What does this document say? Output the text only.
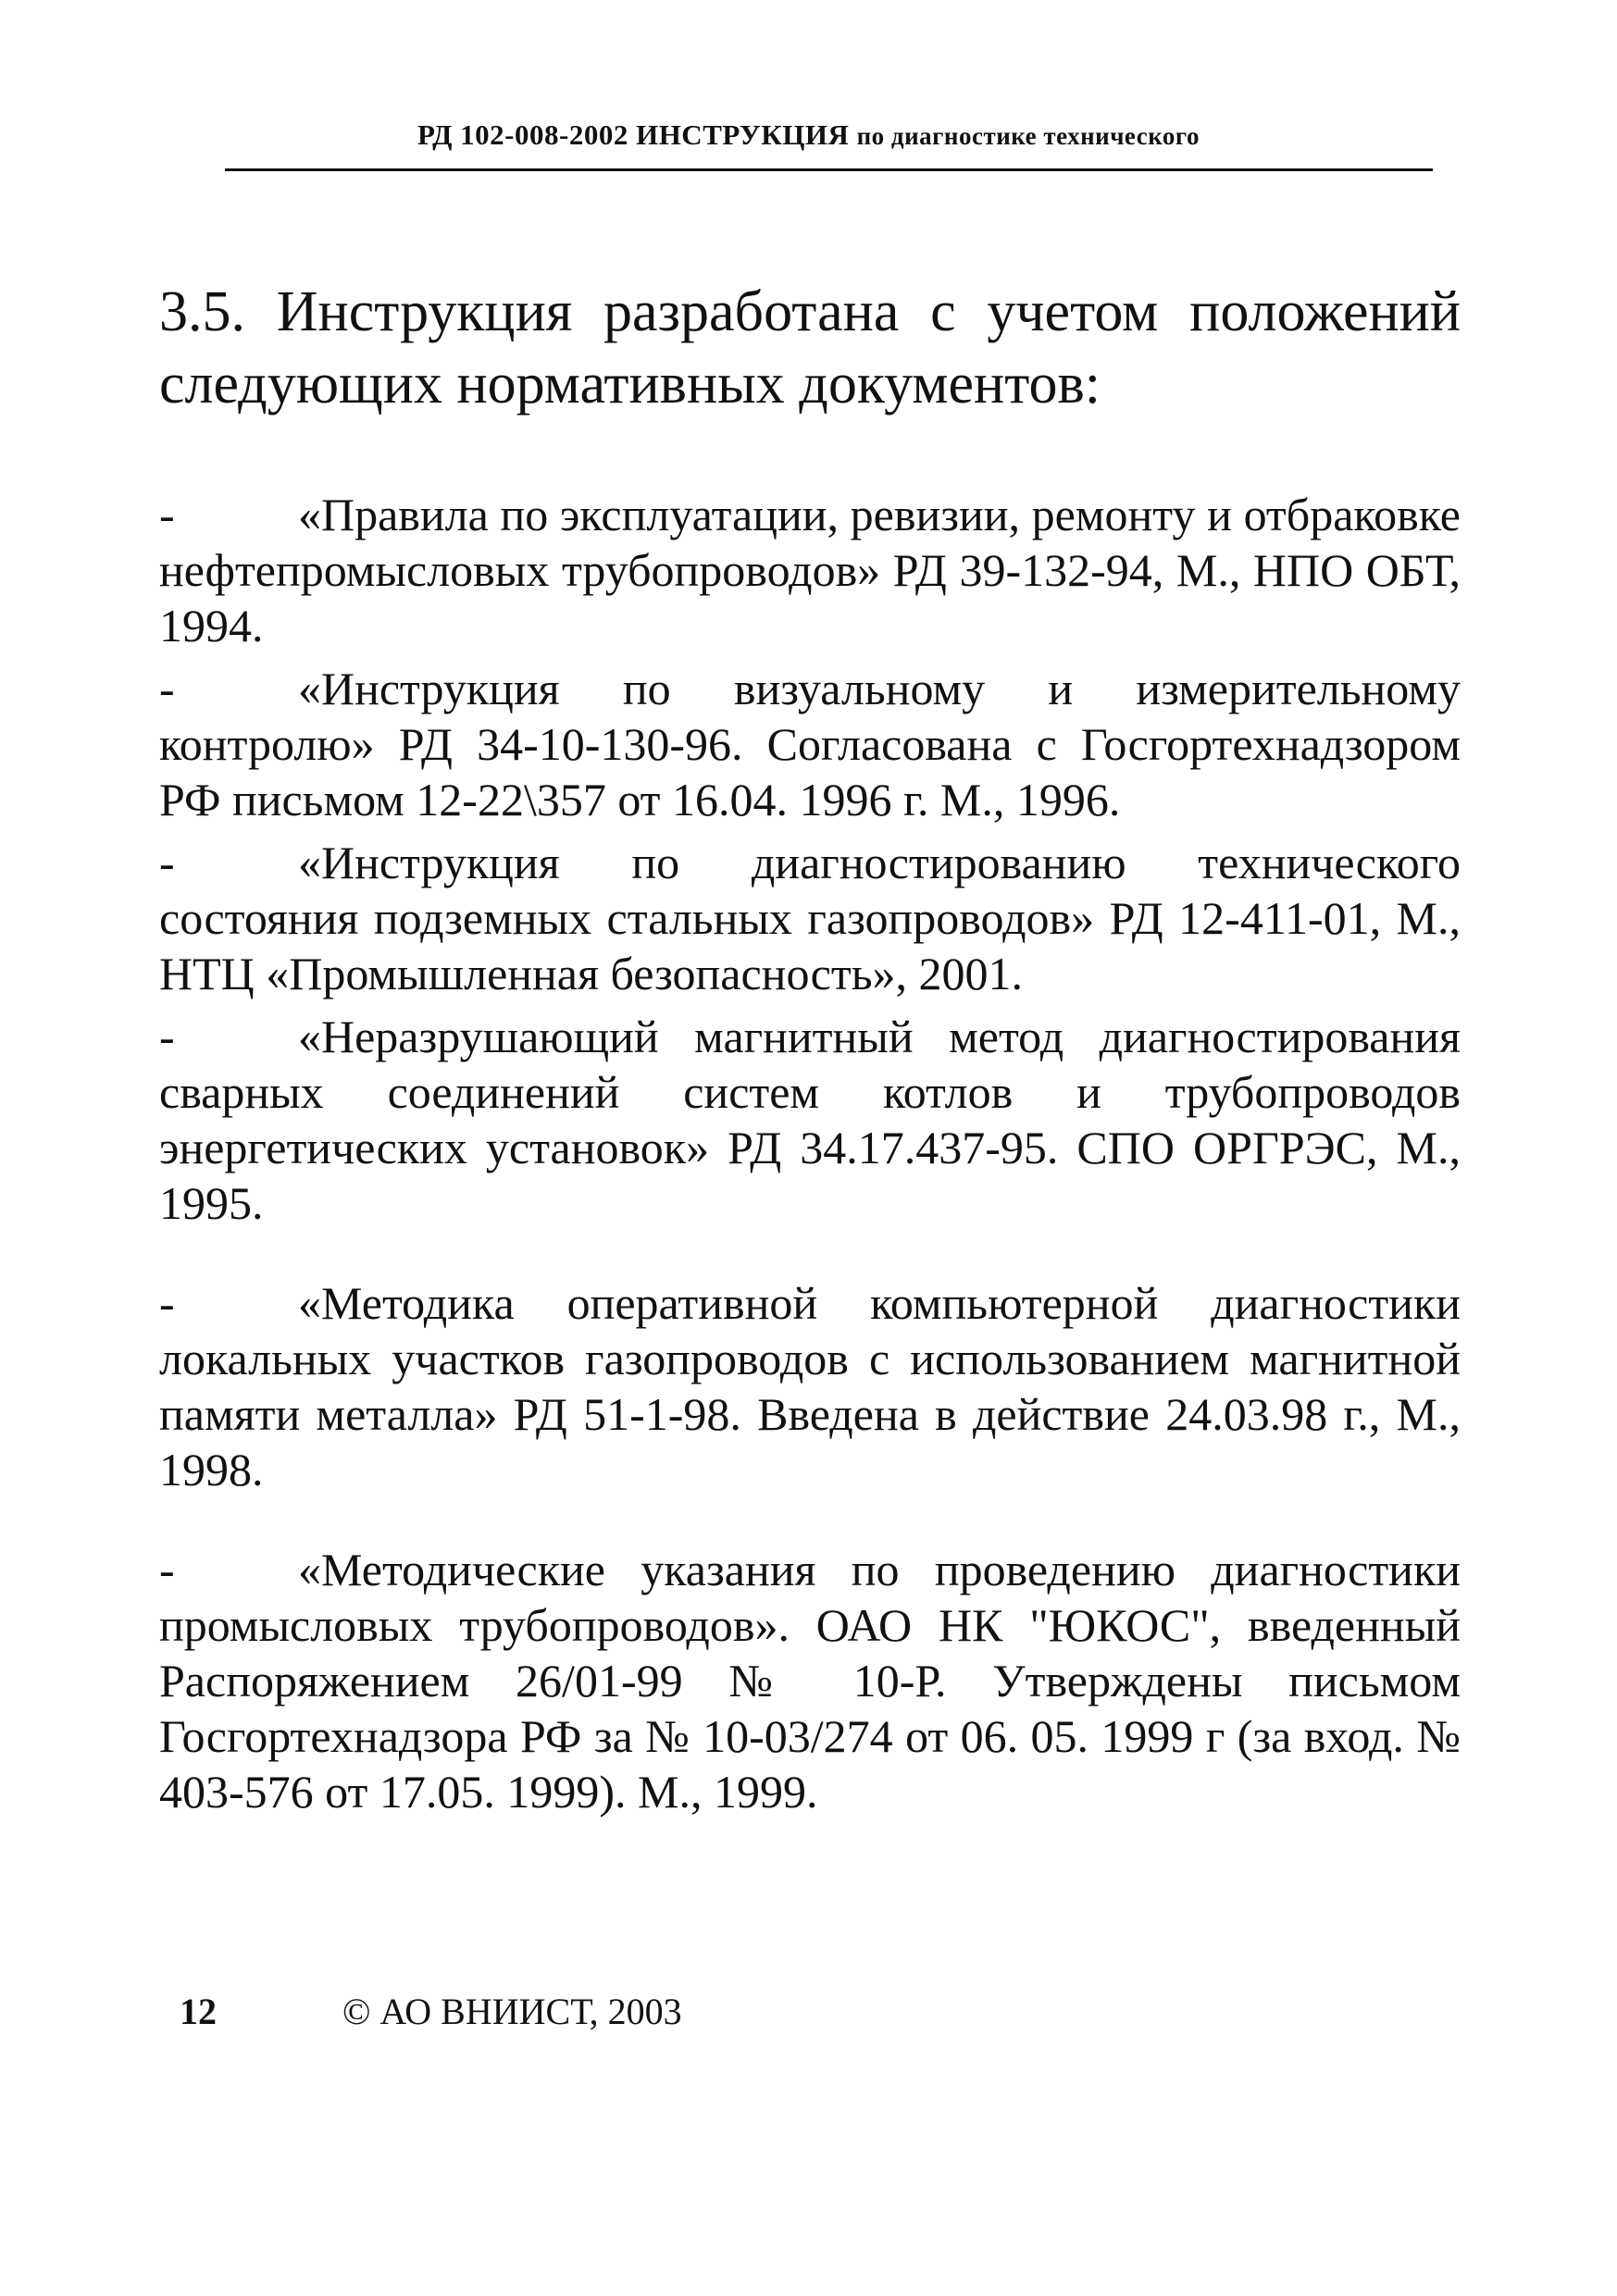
РД 102-008-2002 ИНСТРУКЦИЯ по диагностике технического

3.5. Инструкция разработана с учетом положений следующих нормативных документов:

-	«Правила по эксплуатации, ревизии, ремонту и отбраковке нефтепромысловых трубопроводов» РД 39-132-94, М., НПО ОБТ, 1994.

-	«Инструкция по визуальному и измерительному контролю» РД 34-10-130-96. Согласована с Госгортехнадзором РФ письмом 12-22\357 от 16.04. 1996 г. М., 1996.

-	«Инструкция по диагностированию технического состояния подземных стальных газопроводов» РД 12-411-01, М., НТЦ «Промышленная безопасность», 2001.

-	«Неразрушающий магнитный метод диагностирования сварных соединений систем котлов и трубопроводов энергетических установок» РД 34.17.437-95. СПО ОРГРЭС, М., 1995.

-	«Методика оперативной компьютерной диагностики локальных участков газопроводов с использованием магнитной памяти металла» РД 51-1-98. Введена в действие 24.03.98 г., М., 1998.

-	«Методические указания по проведению диагностики промысловых трубопроводов». ОАО НК "ЮКОС", введенный Распоряжением 26/01-99 № 10-Р. Утверждены письмом Госгортехнадзора РФ за № 10-03/274 от 06. 05. 1999 г (за вход. № 403-576 от 17.05. 1999). М., 1999.

12	© АО ВНИИСТ, 2003
